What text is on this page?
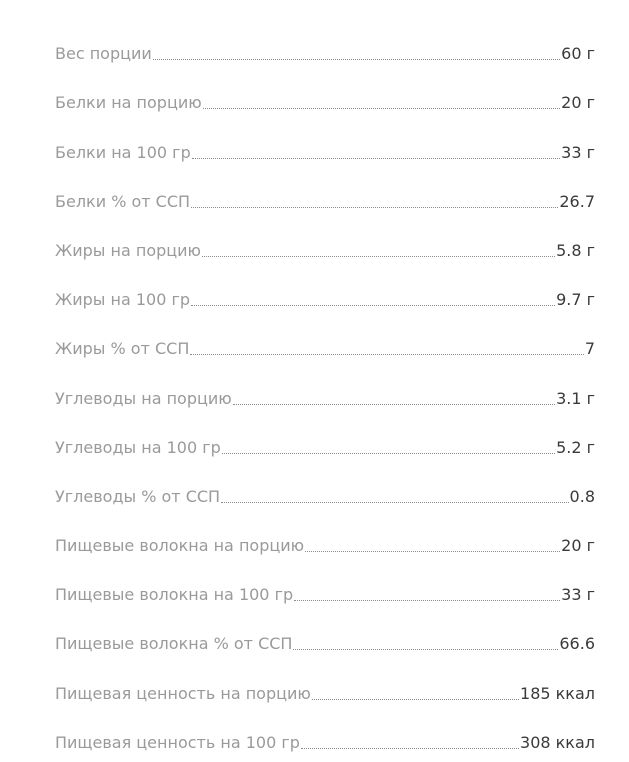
Вес порции	60 г
Белки на порцию	20 г
Белки на 100 гр	33 г
Белки % от ССП	26.7
Жиры на порцию	5.8 г
Жиры на 100 гр	9.7 г
Жиры % от ССП	7
Углеводы на порцию	3.1 г
Углеводы на 100 гр	5.2 г
Углеводы % от ССП	0.8
Пищевые волокна на порцию	20 г
Пищевые волокна на 100 гр	33 г
Пищевые волокна % от ССП	66.6
Пищевая ценность на порцию	185 ккал
Пищевая ценность на 100 гр	308 ккал
